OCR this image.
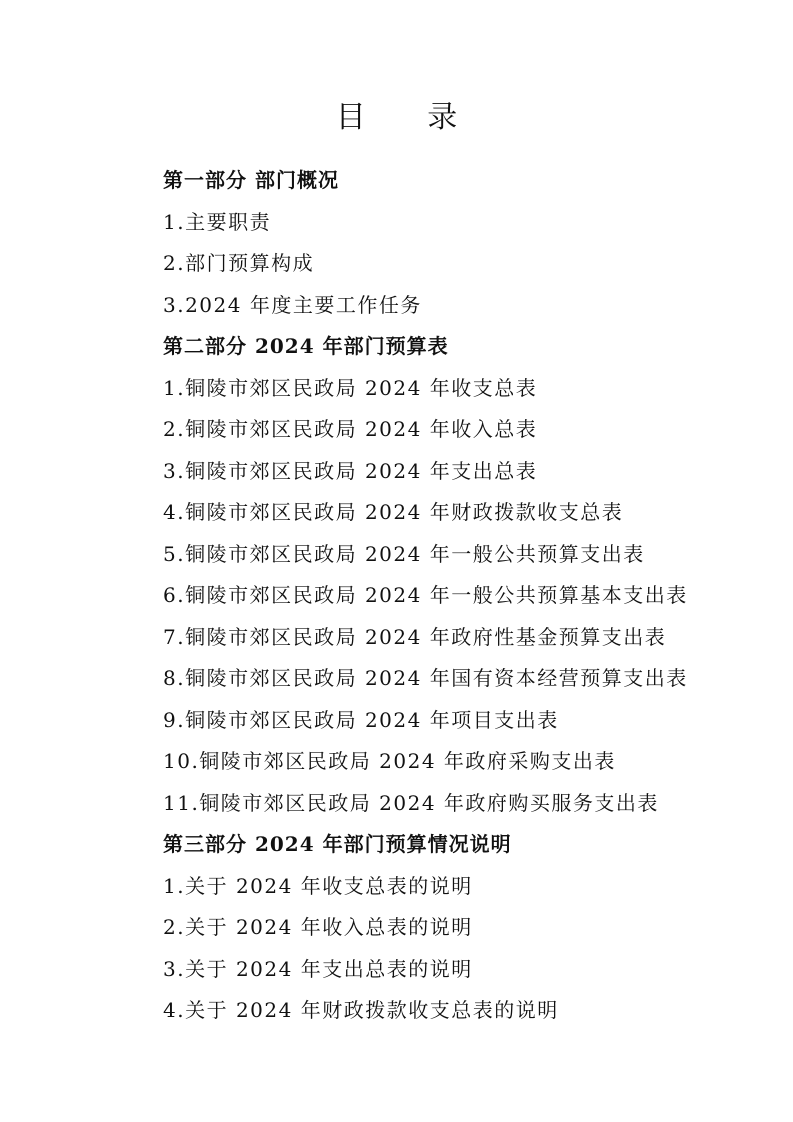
目 录
第一部分 部门概况
1.主要职责
2.部门预算构成
3.2024 年度主要工作任务
第二部分 2024 年部门预算表
1.铜陵市郊区民政局 2024 年收支总表
2.铜陵市郊区民政局 2024 年收入总表
3.铜陵市郊区民政局 2024 年支出总表
4.铜陵市郊区民政局 2024 年财政拨款收支总表
5.铜陵市郊区民政局 2024 年一般公共预算支出表
6.铜陵市郊区民政局 2024 年一般公共预算基本支出表
7.铜陵市郊区民政局 2024 年政府性基金预算支出表
8.铜陵市郊区民政局 2024 年国有资本经营预算支出表
9.铜陵市郊区民政局 2024 年项目支出表
10.铜陵市郊区民政局 2024 年政府采购支出表
11.铜陵市郊区民政局 2024 年政府购买服务支出表
第三部分 2024 年部门预算情况说明
1.关于 2024 年收支总表的说明
2.关于 2024 年收入总表的说明
3.关于 2024 年支出总表的说明
4.关于 2024 年财政拨款收支总表的说明
